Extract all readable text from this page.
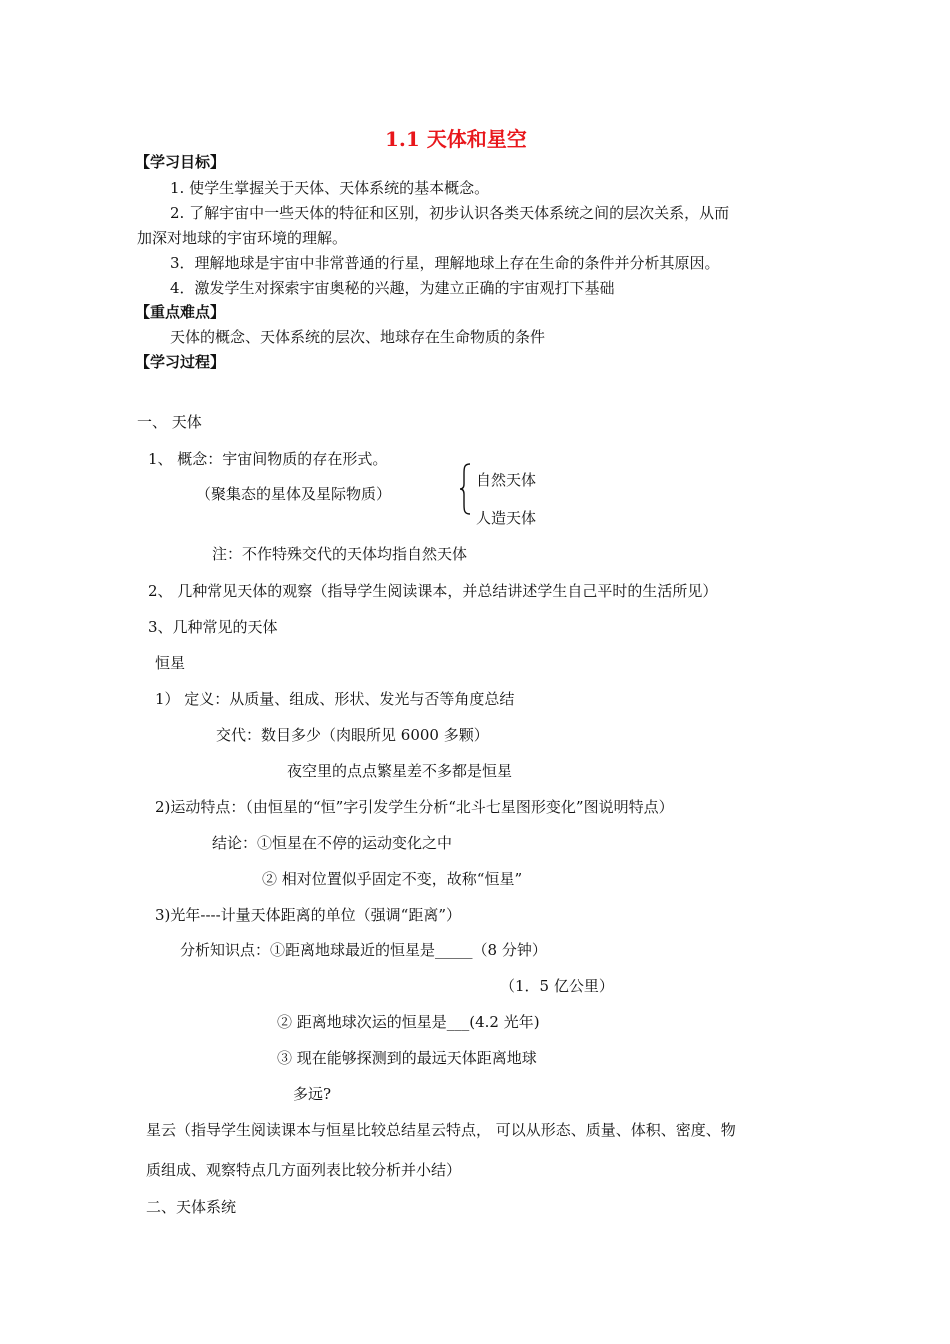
1.1 天体和星空
【学习目标】
1. 使学生掌握关于天体、天体系统的基本概念。
2. 了解宇宙中一些天体的特征和区别，初步认识各类天体系统之间的层次关系，从而
加深对地球的宇宙环境的理解。
3．理解地球是宇宙中非常普通的行星，理解地球上存在生命的条件并分析其原因。
4．激发学生对探索宇宙奥秘的兴趣，为建立正确的宇宙观打下基础
【重点难点】
天体的概念、天体系统的层次、地球存在生命物质的条件
【学习过程】
一、 天体
1、 概念：宇宙间物质的存在形式。
（聚集态的星体及星际物质）
自然天体
人造天体
注：不作特殊交代的天体均指自然天体
2、 几种常见天体的观察（指导学生阅读课本，并总结讲述学生自己平时的生活所见）
3、几种常见的天体
恒星
1） 定义：从质量、组成、形状、发光与否等角度总结
交代：数目多少（肉眼所见 6000 多颗）
夜空里的点点繁星差不多都是恒星
2)运动特点：（由恒星的“恒”字引发学生分析“北斗七星图形变化”图说明特点）
结论：①恒星在不停的运动变化之中
② 相对位置似乎固定不变，故称“恒星”
3)光年----计量天体距离的单位（强调“距离”）
分析知识点：①距离地球最近的恒星是_____（8 分钟）
（1．5 亿公里）
② 距离地球次运的恒星是___(4.2 光年)
③ 现在能够探测到的最远天体距离地球
多远?
星云（指导学生阅读课本与恒星比较总结星云特点， 可以从形态、质量、体积、密度、物
质组成、观察特点几方面列表比较分析并小结）
二、天体系统
